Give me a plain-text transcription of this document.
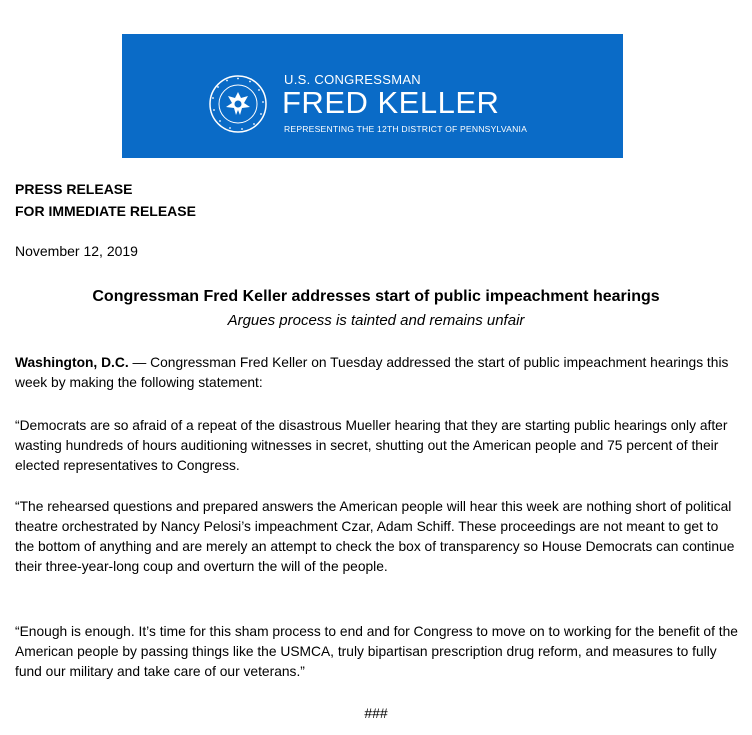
U.S. CONGRESSMAN
FRED KELLER
REPRESENTING THE 12TH DISTRICT OF PENNSYLVANIA
PRESS RELEASE
FOR IMMEDIATE RELEASE
November 12, 2019
Congressman Fred Keller addresses start of public impeachment hearings
Argues process is tainted and remains unfair
Washington, D.C. — Congressman Fred Keller on Tuesday addressed the start of public impeachment hearings this week by making the following statement:
“Democrats are so afraid of a repeat of the disastrous Mueller hearing that they are starting public hearings only after wasting hundreds of hours auditioning witnesses in secret, shutting out the American people and 75 percent of their elected representatives to Congress.
“The rehearsed questions and prepared answers the American people will hear this week are nothing short of political theatre orchestrated by Nancy Pelosi’s impeachment Czar, Adam Schiff. These proceedings are not meant to get to the bottom of anything and are merely an attempt to check the box of transparency so House Democrats can continue their three-year-long coup and overturn the will of the people.
“Enough is enough. It’s time for this sham process to end and for Congress to move on to working for the benefit of the American people by passing things like the USMCA, truly bipartisan prescription drug reform, and measures to fully fund our military and take care of our veterans.”
###
